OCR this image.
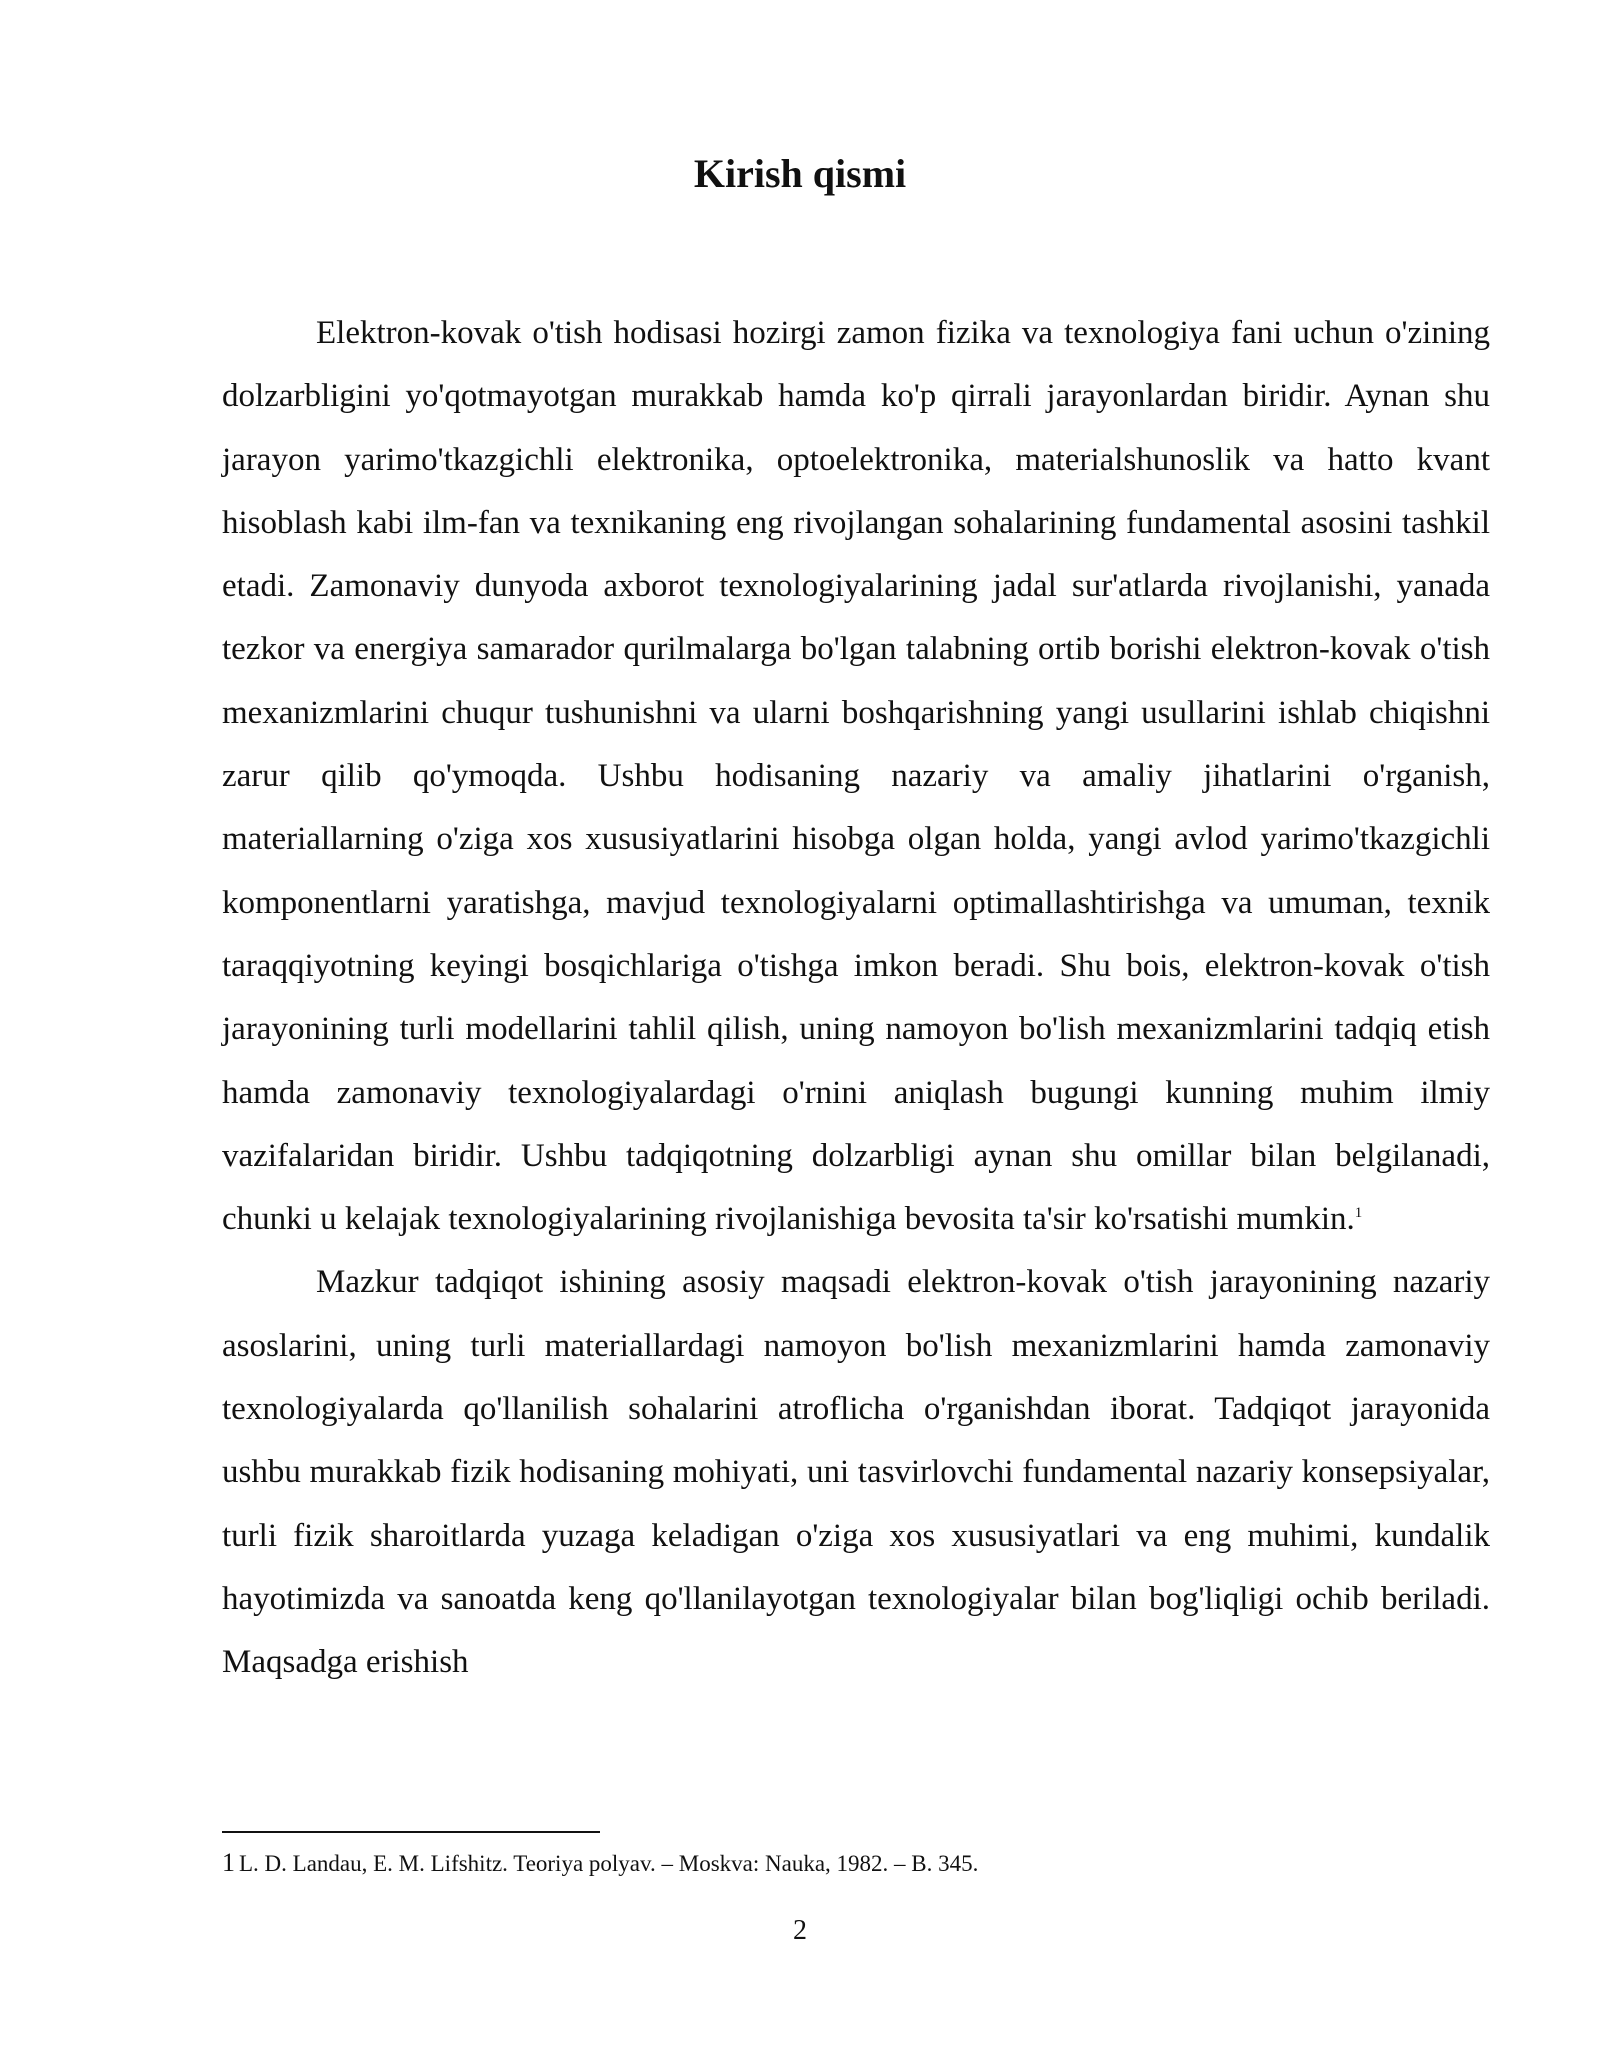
Kirish qismi

Elektron-kovak o'tish hodisasi hozirgi zamon fizika va texnologiya fani uchun o'zining dolzarbligini yo'qotmayotgan murakkab hamda ko'p qirrali jarayonlardan biridir. Aynan shu jarayon yarimo'tkazgichli elektronika, optoelektronika, materialshunoslik va hatto kvant hisoblash kabi ilm-fan va texnikaning eng rivojlangan sohalarining fundamental asosini tashkil etadi. Zamonaviy dunyoda axborot texnologiyalarining jadal sur'atlarda rivojlanishi, yanada tezkor va energiya samarador qurilmalarga bo'lgan talabning ortib borishi elektron-kovak o'tish mexanizmlarini chuqur tushunishni va ularni boshqarishning yangi usullarini ishlab chiqishni zarur qilib qo'ymoqda. Ushbu hodisaning nazariy va amaliy jihatlarini o'rganish, materiallarning o'ziga xos xususiyatlarini hisobga olgan holda, yangi avlod yarimo'tkazgichli komponentlarni yaratishga, mavjud texnologiyalarni optimallashtirishga va umuman, texnik taraqqiyotning keyingi bosqichlariga o'tishga imkon beradi. Shu bois, elektron-kovak o'tish jarayonining turli modellarini tahlil qilish, uning namoyon bo'lish mexanizmlarini tadqiq etish hamda zamonaviy texnologiyalardagi o'rnini aniqlash bugungi kunning muhim ilmiy vazifalaridan biridir. Ushbu tadqiqotning dolzarbligi aynan shu omillar bilan belgilanadi, chunki u kelajak texnologiyalarining rivojlanishiga bevosita ta'sir ko'rsatishi mumkin.$^1$

Mazkur tadqiqot ishining asosiy maqsadi elektron-kovak o'tish jarayonining nazariy asoslarini, uning turli materiallardagi namoyon bo'lish mexanizmlarini hamda zamonaviy texnologiyalarda qo'llanilish sohalarini atroflicha o'rganishdan iborat. Tadqiqot jarayonida ushbu murakkab fizik hodisaning mohiyati, uni tasvirlovchi fundamental nazariy konsepsiyalar, turli fizik sharoitlarda yuzaga keladigan o'ziga xos xususiyatlari va eng muhimi, kundalik hayotimizda va sanoatda keng qo'llanilayotgan texnologiyalar bilan bog'liqligi ochib beriladi. Maqsadga erishish

1 L. D. Landau, E. M. Lifshitz. Teoriya polyav. – Moskva: Nauka, 1982. – B. 345.
2
